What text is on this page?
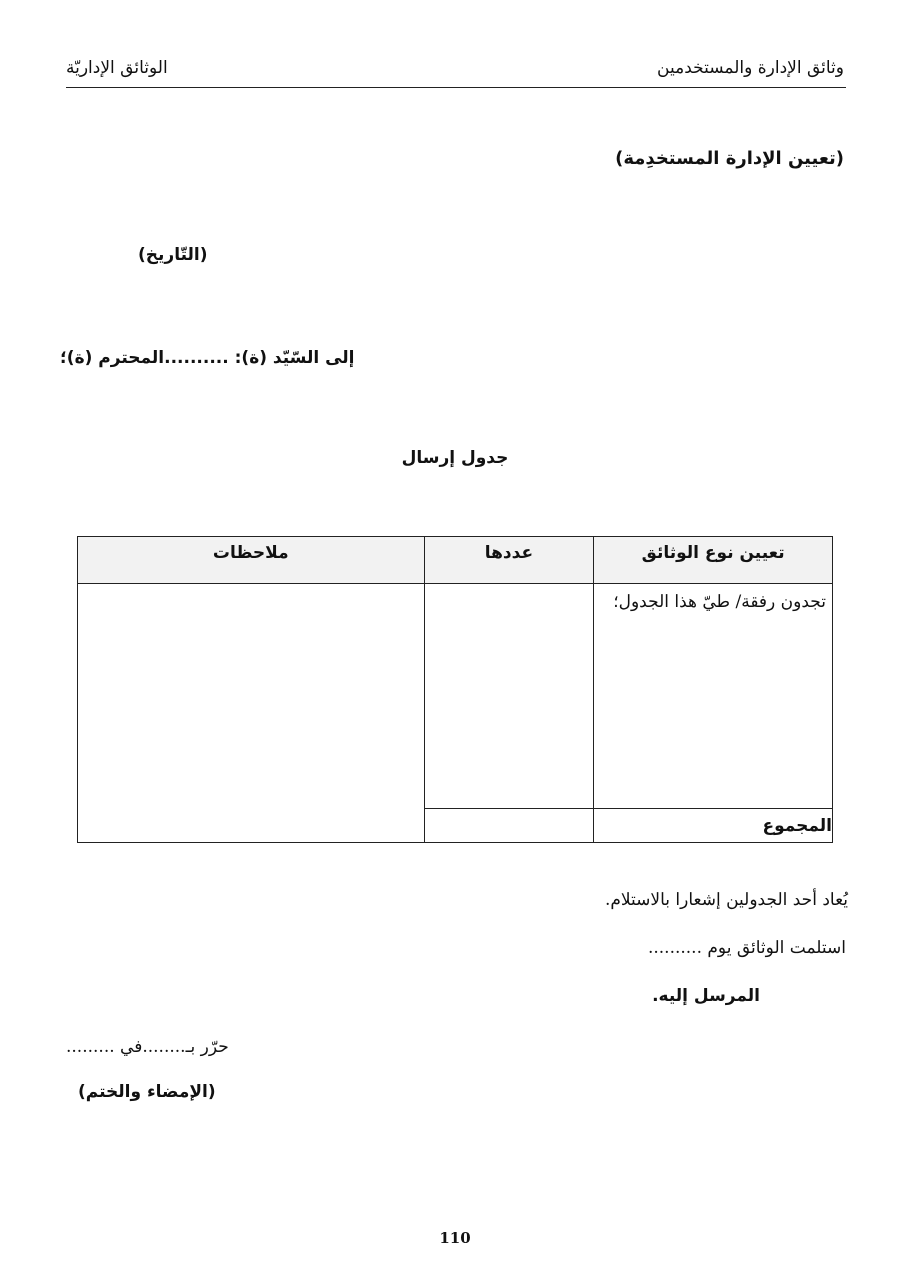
وثائق الإدارة والمستخدمين
الوثائق الإداريّة
(تعيين الإدارة المستخدِمة)
(التّاريخ)
إلى السّيّد (ة): ..........المحترم (ة)؛
جدول إرسال
تعيين نوع الوثائق	عددها	ملاحظات
تجدون رفقة/ طيّ هذا الجدول؛		
المجموع		
يُعاد أحد الجدولين إشعارا بالاستلام.
استلمت الوثائق يوم ..........
المرسل إليه.
حرّر بـ........في .........
(الإمضاء والختم)
110
